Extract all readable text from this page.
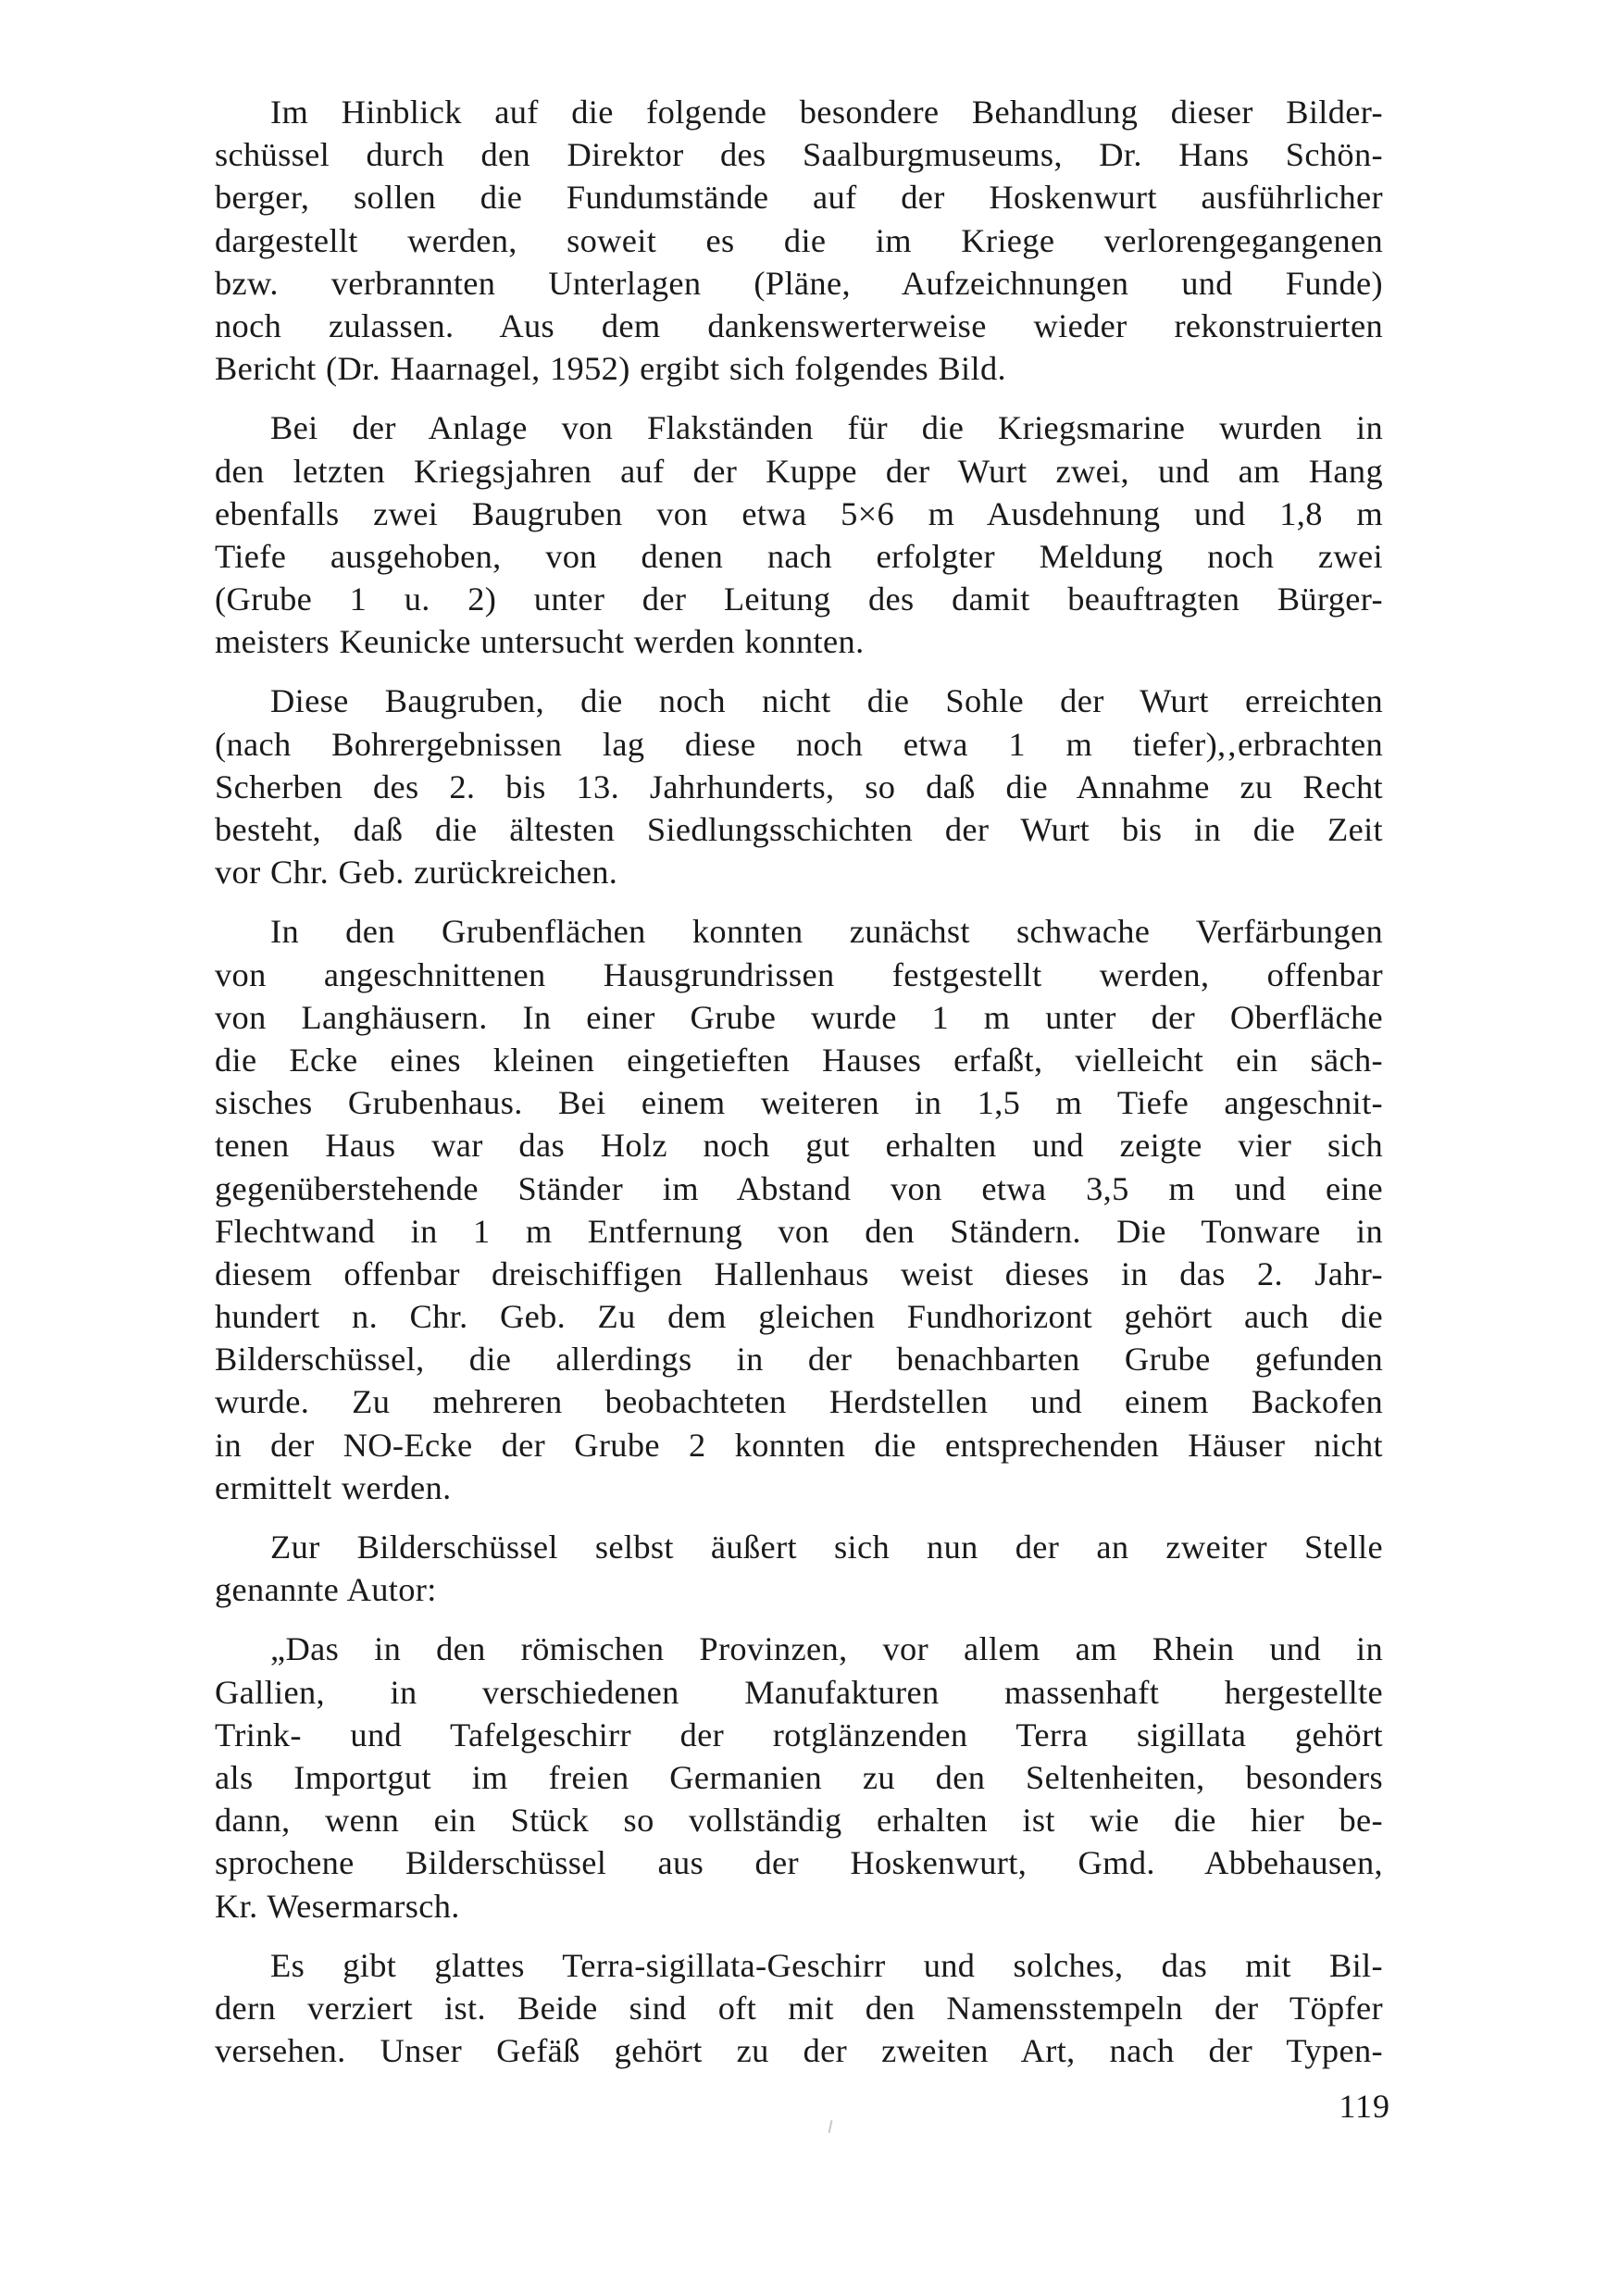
Im Hinblick auf die folgende besondere Behandlung dieser Bilder-
schüssel durch den Direktor des Saalburgmuseums, Dr. Hans Schön-
berger, sollen die Fundumstände auf der Hoskenwurt ausführlicher
dargestellt werden, soweit es die im Kriege verlorengegangenen
bzw. verbrannten Unterlagen (Pläne, Aufzeichnungen und Funde)
noch zulassen. Aus dem dankenswerterweise wieder rekonstruierten
Bericht (Dr. Haarnagel, 1952) ergibt sich folgendes Bild.

Bei der Anlage von Flakständen für die Kriegsmarine wurden in
den letzten Kriegsjahren auf der Kuppe der Wurt zwei, und am Hang
ebenfalls zwei Baugruben von etwa 5×6 m Ausdehnung und 1,8 m
Tiefe ausgehoben, von denen nach erfolgter Meldung noch zwei
(Grube 1 u. 2) unter der Leitung des damit beauftragten Bürger-
meisters Keunicke untersucht werden konnten.

Diese Baugruben, die noch nicht die Sohle der Wurt erreichten
(nach Bohrergebnissen lag diese noch etwa 1 m tiefer),‚erbrachten
Scherben des 2. bis 13. Jahrhunderts, so daß die Annahme zu Recht
besteht, daß die ältesten Siedlungsschichten der Wurt bis in die Zeit
vor Chr. Geb. zurückreichen.

In den Grubenflächen konnten zunächst schwache Verfärbungen
von angeschnittenen Hausgrundrissen festgestellt werden, offenbar
von Langhäusern. In einer Grube wurde 1 m unter der Oberfläche
die Ecke eines kleinen eingetieften Hauses erfaßt, vielleicht ein säch-
sisches Grubenhaus. Bei einem weiteren in 1,5 m Tiefe angeschnit-
tenen Haus war das Holz noch gut erhalten und zeigte vier sich
gegenüberstehende Ständer im Abstand von etwa 3,5 m und eine
Flechtwand in 1 m Entfernung von den Ständern. Die Tonware in
diesem offenbar dreischiffigen Hallenhaus weist dieses in das 2. Jahr-
hundert n. Chr. Geb. Zu dem gleichen Fundhorizont gehört auch die
Bilderschüssel, die allerdings in der benachbarten Grube gefunden
wurde. Zu mehreren beobachteten Herdstellen und einem Backofen
in der NO-Ecke der Grube 2 konnten die entsprechenden Häuser nicht
ermittelt werden.

Zur Bilderschüssel selbst äußert sich nun der an zweiter Stelle
genannte Autor:

„Das in den römischen Provinzen, vor allem am Rhein und in
Gallien, in verschiedenen Manufakturen massenhaft hergestellte
Trink- und Tafelgeschirr der rotglänzenden Terra sigillata gehört
als Importgut im freien Germanien zu den Seltenheiten, besonders
dann, wenn ein Stück so vollständig erhalten ist wie die hier be-
sprochene Bilderschüssel aus der Hoskenwurt, Gmd. Abbehausen,
Kr. Wesermarsch.

Es gibt glattes Terra-sigillata-Geschirr und solches, das mit Bil-
dern verziert ist. Beide sind oft mit den Namensstempeln der Töpfer
versehen. Unser Gefäß gehört zu der zweiten Art, nach der Typen-

119
